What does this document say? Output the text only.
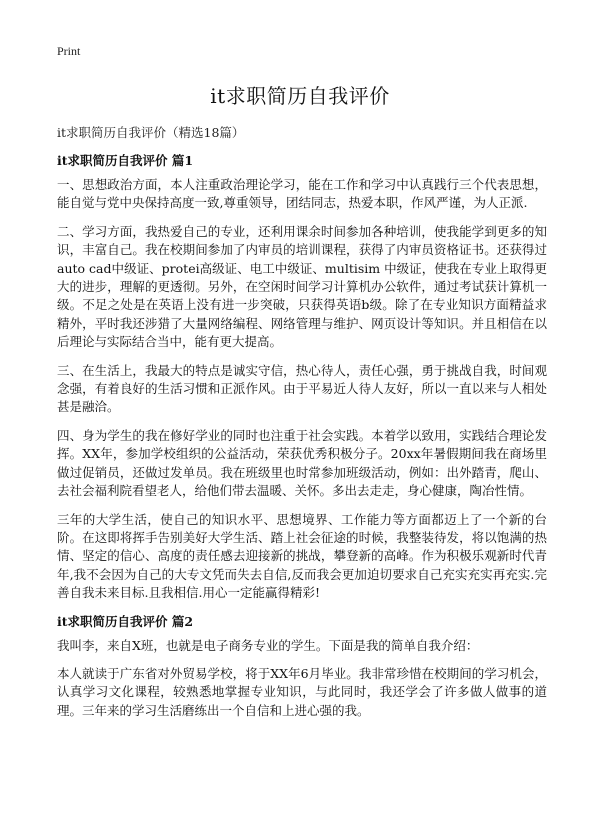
Print
it求职简历自我评价
it求职简历自我评价（精选18篇）
it求职简历自我评价 篇1

一、思想政治方面，本人注重政治理论学习，能在工作和学习中认真践行三个代表思想，能自觉与党中央保持高度一致,尊重领导，团结同志，热爱本职，作风严谨，为人正派.

二、学习方面，我热爱自己的专业，还利用课余时间参加各种培训，使我能学到更多的知识，丰富自己。我在校期间参加了内审员的培训课程，获得了内审员资格证书。还获得过auto cad中级证、protei高级证、电工中级证、multisim 中级证，使我在专业上取得更大的进步，理解的更透彻。另外，在空闲时间学习计算机办公软件，通过考试获计算机一级。不足之处是在英语上没有进一步突破，只获得英语b级。除了在专业知识方面精益求精外，平时我还涉猎了大量网络编程、网络管理与维护、网页设计等知识。并且相信在以后理论与实际结合当中，能有更大提高。

三、在生活上，我最大的特点是诚实守信，热心待人，责任心强，勇于挑战自我，时间观念强，有着良好的生活习惯和正派作风。由于平易近人待人友好，所以一直以来与人相处甚是融洽。

四、身为学生的我在修好学业的同时也注重于社会实践。本着学以致用，实践结合理论发挥。XX年，参加学校组织的公益活动，荣获优秀积极分子。20xx年暑假期间我在商场里做过促销员，还做过发单员。我在班级里也时常参加班级活动，例如：出外踏青，爬山、去社会福利院看望老人，给他们带去温暖、关怀。多出去走走，身心健康，陶冶性情。

三年的大学生活，使自己的知识水平、思想境界、工作能力等方面都迈上了一个新的台阶。在这即将挥手告别美好大学生活、踏上社会征途的时候，我整装待发，将以饱满的热情、坚定的信心、高度的责任感去迎接新的挑战，攀登新的高峰。作为积极乐观新时代青年,我不会因为自己的大专文凭而失去自信,反而我会更加迫切要求自己充实充实再充实.完善自我未来目标.且我相信.用心一定能赢得精彩!

it求职简历自我评价 篇2

我叫李，来自X班，也就是电子商务专业的学生。下面是我的简单自我介绍：

本人就读于广东省对外贸易学校，将于XX年6月毕业。我非常珍惜在校期间的学习机会，认真学习文化课程，较熟悉地掌握专业知识，与此同时，我还学会了许多做人做事的道理。三年来的学习生活磨练出一个自信和上进心强的我。
